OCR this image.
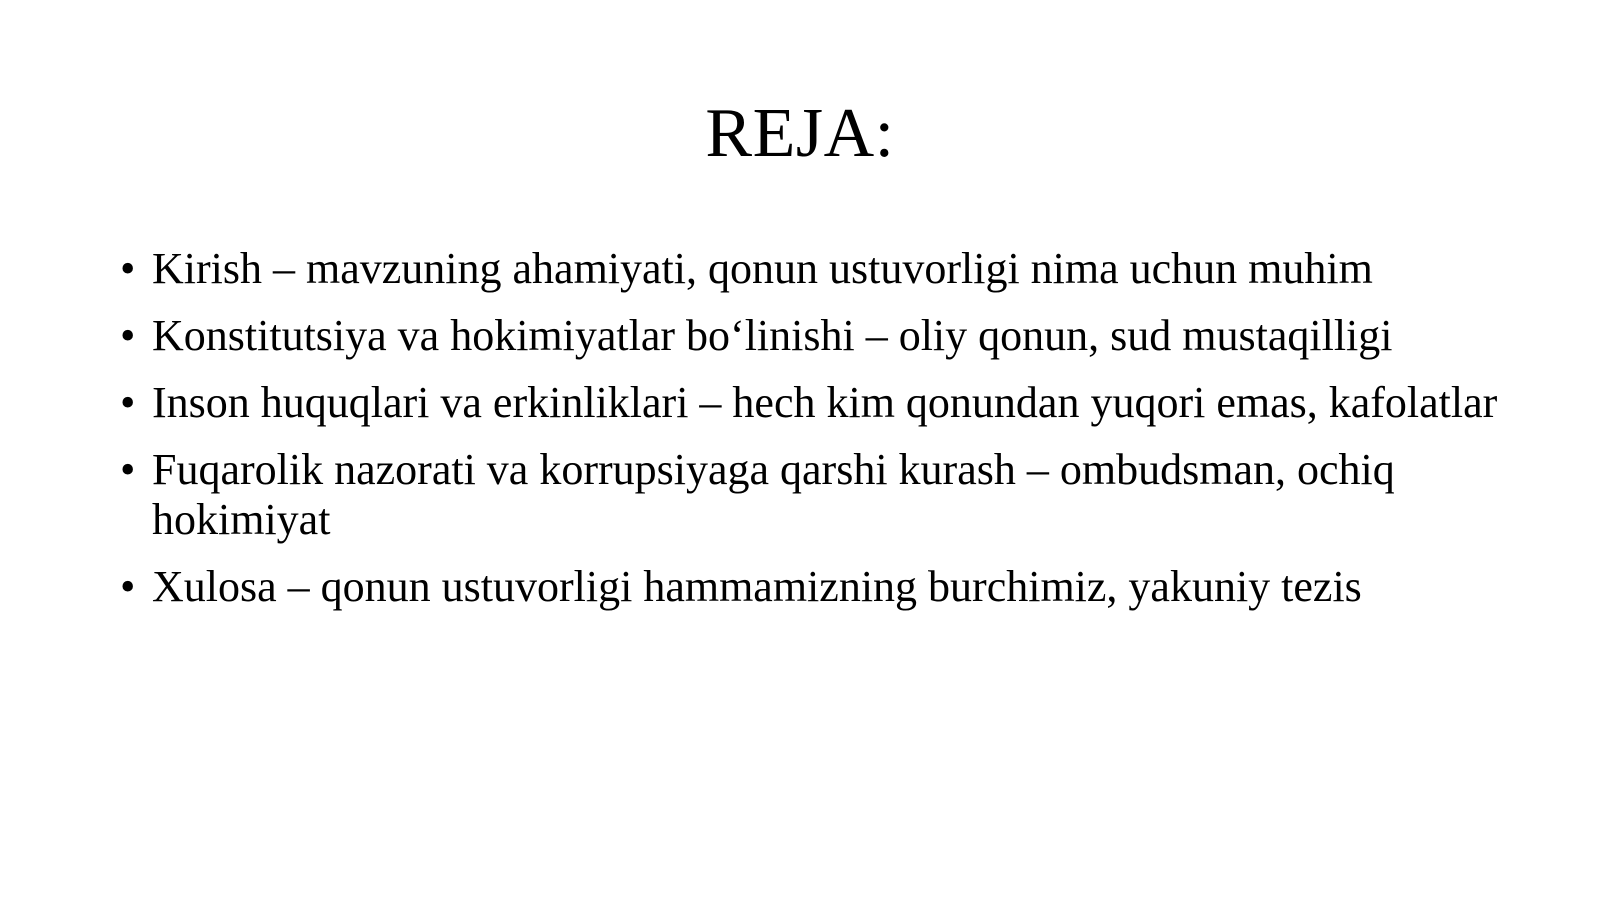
REJA:
• Kirish – mavzuning ahamiyati, qonun ustuvorligi nima uchun muhim
• Konstitutsiya va hokimiyatlar bo‘linishi – oliy qonun, sud mustaqilligi
• Inson huquqlari va erkinliklari – hech kim qonundan yuqori emas, kafolatlar
• Fuqarolik nazorati va korrupsiyaga qarshi kurash – ombudsman, ochiq hokimiyat
• Xulosa – qonun ustuvorligi hammamizning burchimiz, yakuniy tezis
